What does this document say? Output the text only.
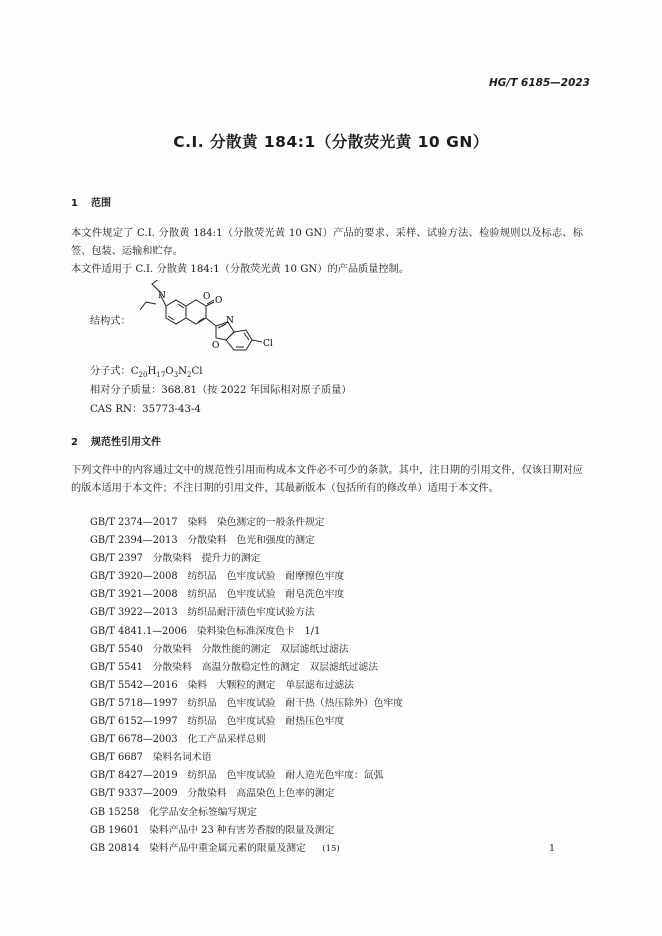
HG/T 6185—2023
C.I. 分散黄 184:1（分散荧光黄 10 GN）
1 范围
本文件规定了 C.I. 分散黄 184:1（分散荧光黄 10 GN）产品的要求、采样、试验方法、检验规则以及标志、标签、包装、运输和贮存。
本文件适用于 C.I. 分散黄 184:1（分散荧光黄 10 GN）的产品质量控制。
结构式：
N	O O
N
O	Cl
分子式：$C_{20}H_{17}O_3N_2Cl$
相对分子质量：368.81（按 2022 年国际相对原子质量）
CAS RN：35773-43-4
2 规范性引用文件
下列文件中的内容通过文中的规范性引用而构成本文件必不可少的条款。其中，注日期的引用文件，仅该日期对应的版本适用于本文件；不注日期的引用文件，其最新版本（包括所有的修改单）适用于本文件。
GB/T 2374—2017　 染料　染色测定的一般条件规定
GB/T 2394—2013　 分散染料　色光和强度的测定
GB/T 2397　 分散染料　提升力的测定
GB/T 3920—2008　 纺织品　色牢度试验　耐摩擦色牢度
GB/T 3921—2008　 纺织品　色牢度试验　耐皂洗色牢度
GB/T 3922—2013　 纺织品耐汗渍色牢度试验方法
GB/T 4841.1—2006　 染料染色标准深度色卡　1/1
GB/T 5540　 分散染料　分散性能的测定　双层滤纸过滤法
GB/T 5541　 分散染料　高温分散稳定性的测定　双层滤纸过滤法
GB/T 5542—2016　 染料　大颗粒的测定　单层滤布过滤法
GB/T 5718—1997　 纺织品　色牢度试验　耐干热（热压除外）色牢度
GB/T 6152—1997　 纺织品　色牢度试验　耐热压色牢度
GB/T 6678—2003　 化工产品采样总则
GB/T 6687　 染料名词术语
GB/T 8427—2019　 纺织品　色牢度试验　耐人造光色牢度：氙弧
GB/T 9337—2009　 分散染料　高温染色上色率的测定
GB 15258　 化学品安全标签编写规定
GB 19601　 染料产品中 23 种有害芳香胺的限量及测定
GB 20814　 染料产品中重金属元素的限量及测定	(15)	1
